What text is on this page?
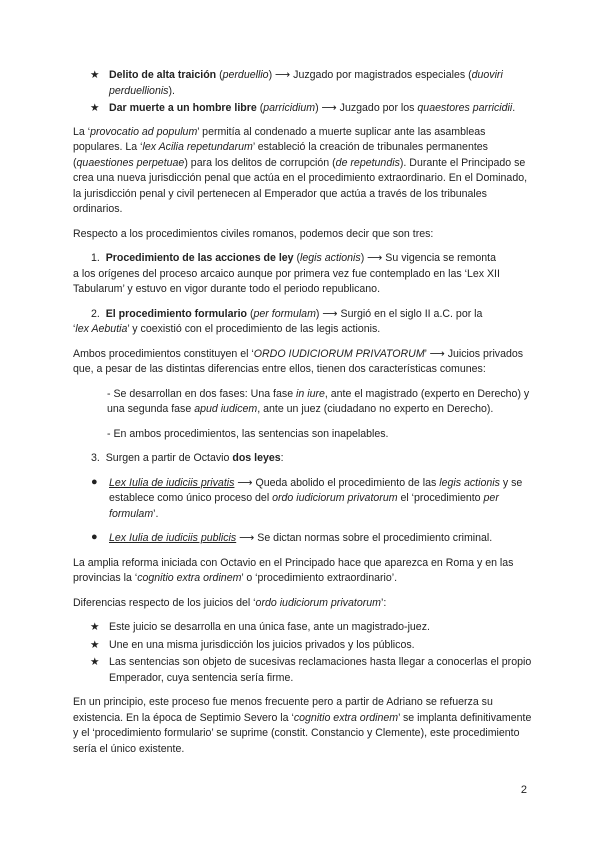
★ Delito de alta traición (perduellio) ⟶ Juzgado por magistrados especiales (duoviri perduellionis).
★ Dar muerte a un hombre libre (parricidium) ⟶ Juzgado por los quaestores parricidii.

La ‘provocatio ad populum’ permitía al condenado a muerte suplicar ante las asambleas populares. La ‘lex Acilia repetundarum’ estableció la creación de tribunales permanentes (quaestiones perpetuae) para los delitos de corrupción (de repetundis). Durante el Principado se crea una nueva jurisdicción penal que actúa en el procedimiento extraordinario. En el Dominado, la jurisdicción penal y civil pertenecen al Emperador que actúa a través de los tribunales ordinarios.

Respecto a los procedimientos civiles romanos, podemos decir que son tres:

1. Procedimiento de las acciones de ley (legis actionis) ⟶ Su vigencia se remonta
a los orígenes del proceso arcaico aunque por primera vez fue contemplado en las ‘Lex XII Tabularum’ y estuvo en vigor durante todo el periodo republicano.
2. El procedimiento formulario (per formulam) ⟶ Surgió en el siglo II a.C. por la
‘lex Aebutia’ y coexistió con el procedimiento de las legis actionis.

Ambos procedimientos constituyen el ‘ORDO IUDICIORUM PRIVATORUM’ ⟶ Juicios privados que, a pesar de las distintas diferencias entre ellos, tienen dos características comunes:

- Se desarrollan en dos fases: Una fase in iure, ante el magistrado (experto en Derecho) y una segunda fase apud iudicem, ante un juez (ciudadano no experto en Derecho).
- En ambos procedimientos, las sentencias son inapelables.
3. Surgen a partir de Octavio dos leyes:
● Lex Iulia de iudiciis privatis ⟶ Queda abolido el procedimiento de las legis actionis y se establece como único proceso del ordo iudiciorum privatorum el ‘procedimiento per formulam’.
● Lex Iulia de iudiciis publicis ⟶ Se dictan normas sobre el procedimiento criminal.

La amplia reforma iniciada con Octavio en el Principado hace que aparezca en Roma y en las provincias la ‘cognitio extra ordinem’ o ‘procedimiento extraordinario’.

Diferencias respecto de los juicios del ‘ordo iudiciorum privatorum’:

★ Este juicio se desarrolla en una única fase, ante un magistrado-juez.
★ Une en una misma jurisdicción los juicios privados y los públicos.
★ Las sentencias son objeto de sucesivas reclamaciones hasta llegar a conocerlas el propio Emperador, cuya sentencia sería firme.

En un principio, este proceso fue menos frecuente pero a partir de Adriano se refuerza su existencia. En la época de Septimio Severo la ‘cognitio extra ordinem’ se implanta definitivamente y el ‘procedimiento formulario’ se suprime (constit. Constancio y Clemente), este procedimiento sería el único existente.

2
